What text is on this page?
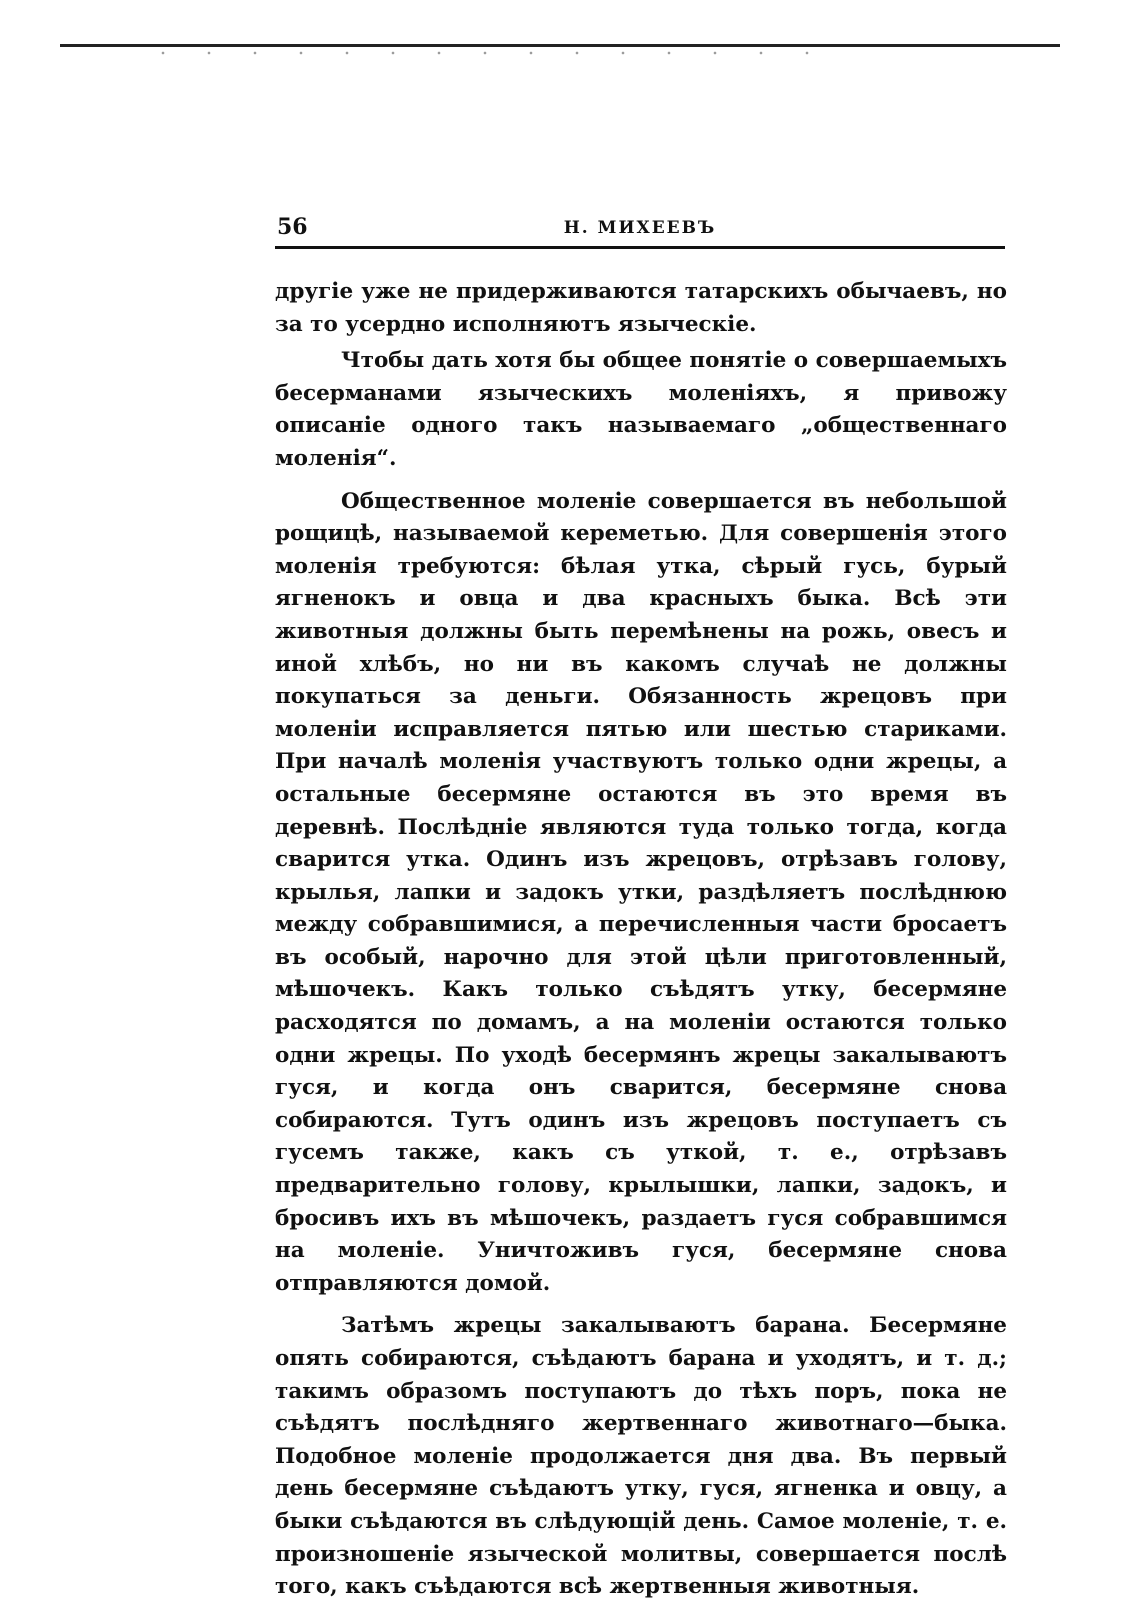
56	Н. МИХЕЕВЪ

другіе уже не придерживаются татарскихъ обычаевъ, но за то усердно исполняютъ языческіе.

Чтобы дать хотя бы общее понятіе о совершаемыхъ бесерманами языческихъ моленіяхъ, я привожу описаніе одного такъ называемаго „общественнаго моленія“.

Общественное моленіе совершается въ небольшой рощицѣ, называемой кереметью. Для совершенія этого моленія требуются: бѣлая утка, сѣрый гусь, бурый ягненокъ и овца и два красныхъ быка. Всѣ эти животныя должны быть перемѣнены на рожь, овесъ и иной хлѣбъ, но ни въ какомъ случаѣ не должны покупаться за деньги. Обязанность жрецовъ при моленіи исправляется пятью или шестью стариками. При началѣ моленія участвуютъ только одни жрецы, а остальные бесермяне остаются въ это время въ деревнѣ. Послѣдніе являются туда только тогда, когда сварится утка. Одинъ изъ жрецовъ, отрѣзавъ голову, крылья, лапки и задокъ утки, раздѣляетъ послѣднюю между собравшимися, а перечисленныя части бросаетъ въ особый, нарочно для этой цѣли приготовленный, мѣшочекъ. Какъ только съѣдятъ утку, бесермяне расходятся по домамъ, а на моленіи остаются только одни жрецы. По уходѣ бесермянъ жрецы закалываютъ гуся, и когда онъ сварится, бесермяне снова собираются. Тутъ одинъ изъ жрецовъ поступаетъ съ гусемъ также, какъ съ уткой, т. е., отрѣзавъ предварительно голову, крылышки, лапки, задокъ, и бросивъ ихъ въ мѣшочекъ, раздаетъ гуся собравшимся на моленіе. Уничтоживъ гуся, бесермяне снова отправляются домой.

Затѣмъ жрецы закалываютъ барана. Бесермяне опять собираются, съѣдаютъ барана и уходятъ, и т. д.; такимъ образомъ поступаютъ до тѣхъ поръ, пока не съѣдятъ послѣдняго жертвеннаго животнаго—быка. Подобное моленіе продолжается дня два. Въ первый день бесермяне съѣдаютъ утку, гуся, ягненка и овцу, а быки съѣдаются въ слѣдующій день. Самое моленіе, т. е. произношеніе языческой молитвы, совершается послѣ того, какъ съѣдаются всѣ жертвенныя животныя.
